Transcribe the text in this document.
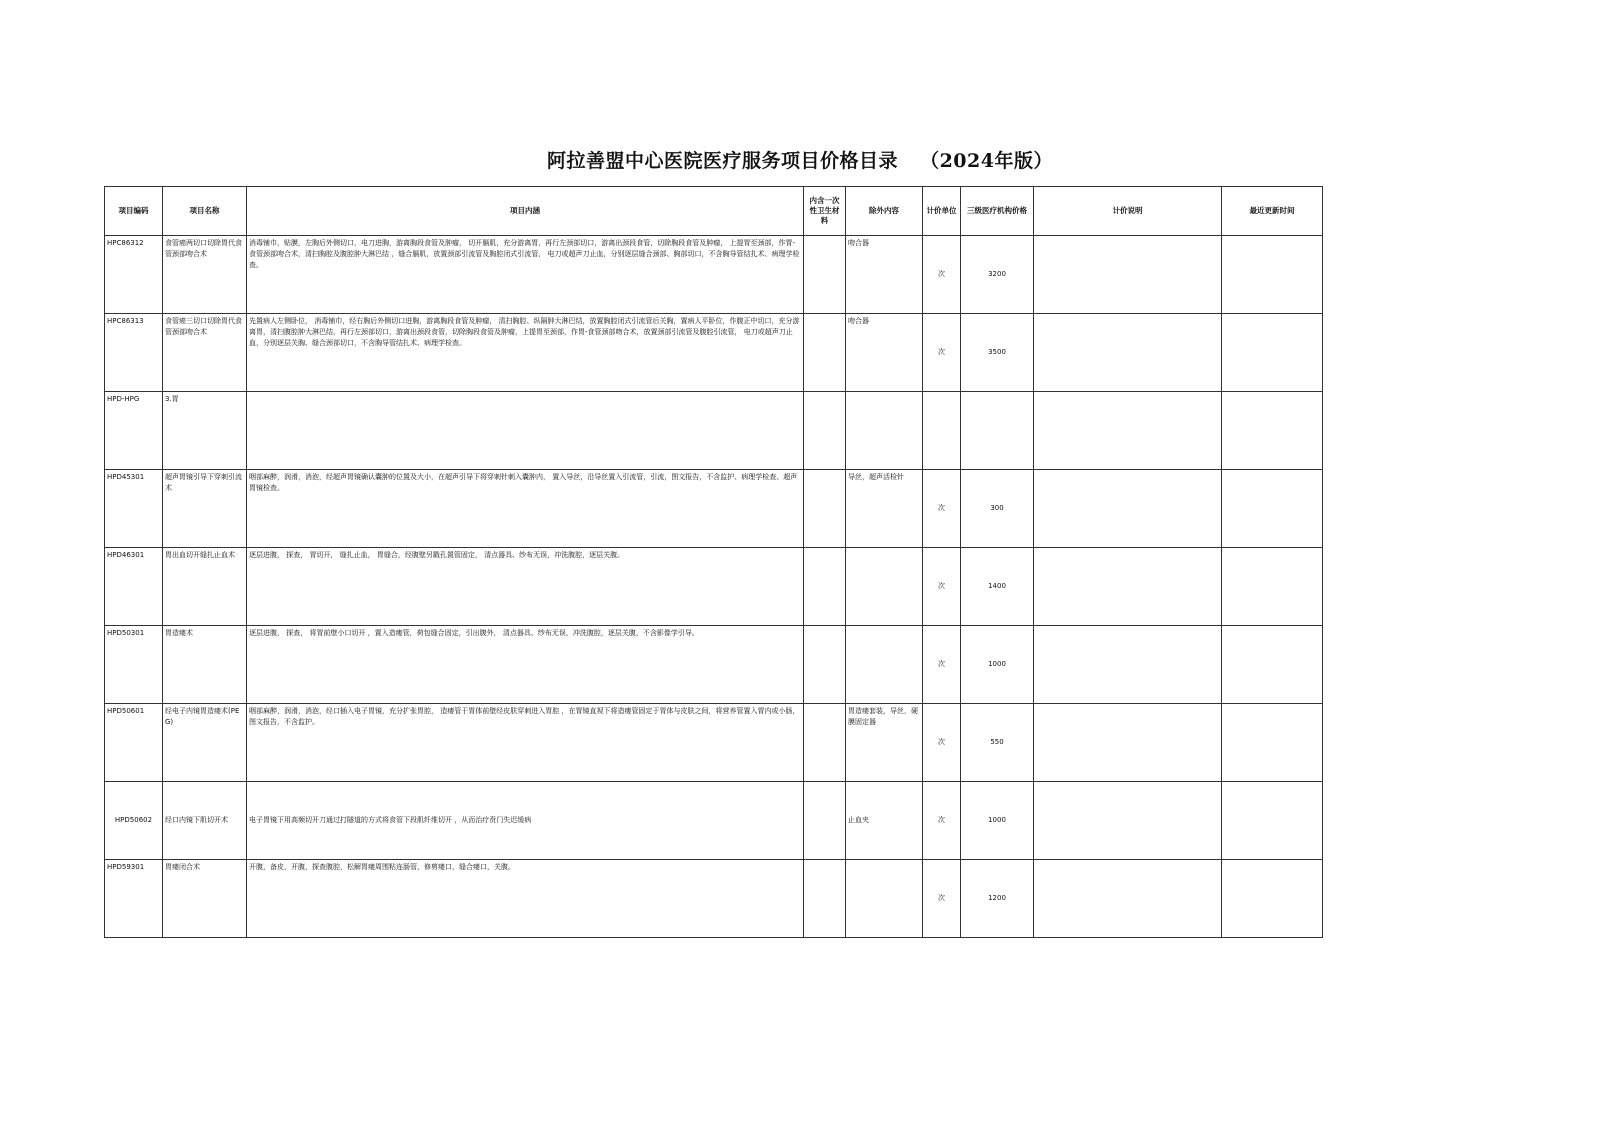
阿拉善盟中心医院医疗服务项目价格目录 （2024年版）
项目编码	项目名称	项目内涵	内含一次性卫生材料	除外内容	计价单位	三级医疗机构价格	计价说明	最近更新时间
HPC86312	食管癌两切口切除胃代食管颈部吻合术	消毒铺巾，贴膜，左胸后外侧切口，电刀进胸，游离胸段食管及肿瘤， 切开膈肌，充分游离胃，再行左颈部切口，游离出颈段食管，切除胸段食管及肿瘤， 上提胃至颈部，作胃-食管颈部吻合术，清扫胸腔及腹腔肿大淋巴结 ，缝合膈肌，放置颈部引流管及胸腔闭式引流管， 电刀或超声刀止血，分别逐层缝合颈部、胸部切口，不含胸导管结扎术、病理学检查。		吻合器	次	3200		
HPC86313	食管癌三切口切除胃代食管颈部吻合术	先置病人左侧卧位， 消毒铺巾，经右胸后外侧切口进胸，游离胸段食管及肿瘤， 清扫胸腔、纵隔肿大淋巴结，放置胸腔闭式引流管后关胸，置病人平卧位，作腹正中切口，充分游离胃，清扫腹腔肿大淋巴结，再行左颈部切口，游离出颈段食管，切除胸段食管及肿瘤，上提胃至颈部，作胃-食管颈部吻合术，放置颈部引流管及腹腔引流管， 电刀或超声刀止血，分别逐层关胸、缝合颈部切口，不含胸导管结扎术、病理学检查。		吻合器	次	3500		
HPD-HPG	3.胃							
HPD45301	超声胃镜引导下穿刺引流术	咽部麻醉，润滑，消泡，经超声胃镜确认囊肿的位置及大小，在超声引导下将穿刺针刺入囊肿内， 置入导丝，沿导丝置入引流管，引流，图文报告，不含监护、病理学检查、超声胃镜检查。		导丝，超声活检针	次	300		
HPD46301	胃出血切开缝扎止血术	逐层进腹， 探查， 胃切开， 缝扎止血， 胃缝合，经腹壁另戳孔置管固定， 清点器具、纱布无误，冲洗腹腔，逐层关腹。			次	1400		
HPD50301	胃造瘘术	逐层进腹， 探查， 将胃前壁小口切开 ，置入造瘘管，荷包缝合固定，引出腹外， 清点器具、纱布无误，冲洗腹腔，逐层关腹，不含影像学引导。			次	1000		
HPD50601	经电子内镜胃造瘘术(PEG)	咽部麻醉，润滑，消泡，经口插入电子胃镜，充分扩张胃腔， 造瘘管于胃体前壁经皮肤穿刺进入胃腔 ，在胃镜直视下将造瘘管固定于胃体与皮肤之间，将营养管置入胃内或小肠，图文报告，不含监护。		胃造瘘套装，导丝，硬膜固定器	次	550		
HPD50602	经口内镜下肌切开术	电子胃镜下用高频切开刀通过打隧道的方式将食管下段肌纤维切开 ，从而治疗贲门失迟缓病		止血夹	次	1000		
HPD59301	胃瘘闭合术	开腹，备皮，开腹，探查腹腔，松解胃瘘周围粘连肠管，修剪瘘口，缝合瘘口，关腹。			次	1200		
